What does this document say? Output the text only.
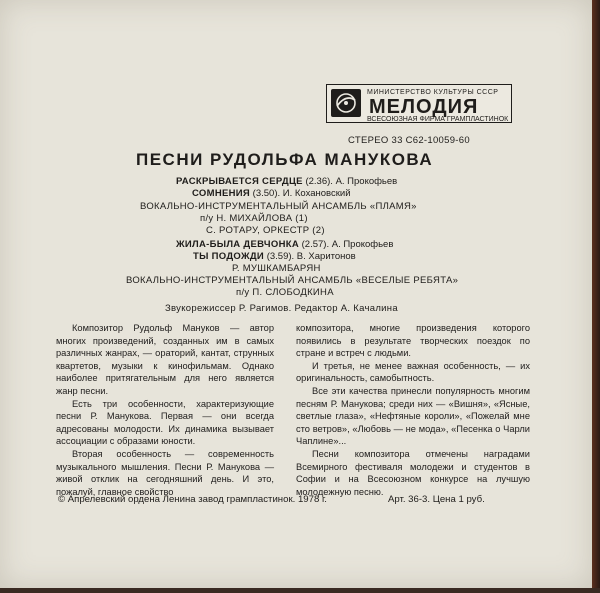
МИНИСТЕРСТВО КУЛЬТУРЫ СССР
МЕЛОДИЯ
ВСЕСОЮЗНАЯ ФИРМА ГРАМПЛАСТИНОК
СТЕРЕО 33 С62-10059-60
ПЕСНИ РУДОЛЬФА МАНУКОВА
РАСКРЫВАЕТСЯ СЕРДЦЕ (2.36). А. Прокофьев
СОМНЕНИЯ (3.50). И. Кохановский
ВОКАЛЬНО-ИНСТРУМЕНТАЛЬНЫЙ АНСАМБЛЬ «ПЛАМЯ»
п/у Н. МИХАЙЛОВА (1)
С. РОТАРУ, ОРКЕСТР (2)
ЖИЛА-БЫЛА ДЕВЧОНКА (2.57). А. Прокофьев
ТЫ ПОДОЖДИ (3.59). В. Харитонов
Р. МУШКАМБАРЯН
ВОКАЛЬНО-ИНСТРУМЕНТАЛЬНЫЙ АНСАМБЛЬ «ВЕСЕЛЫЕ РЕБЯТА»
п/у П. СЛОБОДКИНА
Звукорежиссер Р. Рагимов. Редактор А. Качалина

Композитор Рудольф Мануков — автор многих произведений, созданных им в самых различных жанрах, — ораторий, кантат, струнных квартетов, музыки к кинофильмам. Однако наиболее притягательным для него является жанр песни.

Есть три особенности, характеризующие песни Р. Манукова. Первая — они всегда адресованы молодости. Их динамика вызывает ассоциации с образами юности.

Вторая особенность — современность музыкального мышления. Песни Р. Манукова — живой отклик на сегодняшний день. И это, пожалуй, главное свойство

композитора, многие произведения которого появились в результате творческих поездок по стране и встреч с людьми.

И третья, не менее важная особенность, — их оригинальность, самобытность.

Все эти качества принесли популярность многим песням Р. Манукова; среди них — «Вишня», «Ясные, светлые глаза», «Нефтяные короли», «Пожелай мне сто ветров», «Любовь — не мода», «Песенка о Чарли Чаплине»...

Песни композитора отмечены наградами Всемирного фестиваля молодежи и студентов в Софии и на Всесоюзном конкурсе на лучшую молодежную песню.

© Апрелевский ордена Ленина завод грампластинок. 1978 г.	Арт. 36-3. Цена 1 руб.
